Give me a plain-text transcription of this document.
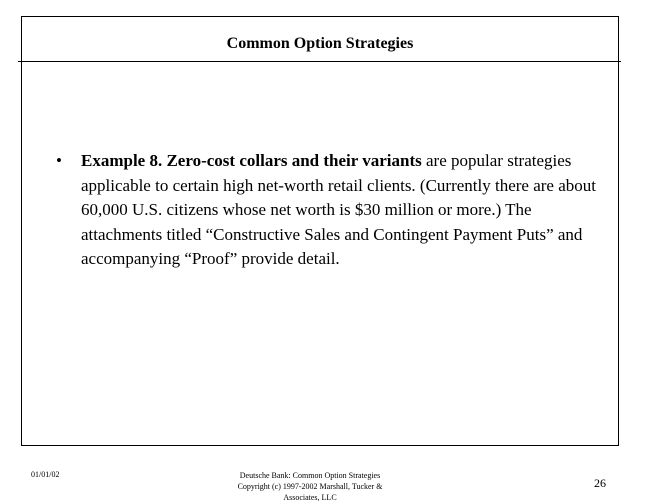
Common Option Strategies
•	Example 8. Zero-cost collars and their variants are popular strategies applicable to certain high net-worth retail clients. (Currently there are about 60,000 U.S. citizens whose net worth is $30 million or more.) The attachments titled “Constructive Sales and Contingent Payment Puts” and accompanying “Proof” provide detail.
01/01/02	Deutsche Bank: Common Option Strategies
Copyright (c) 1997-2002 Marshall, Tucker &
Associates, LLC
26
